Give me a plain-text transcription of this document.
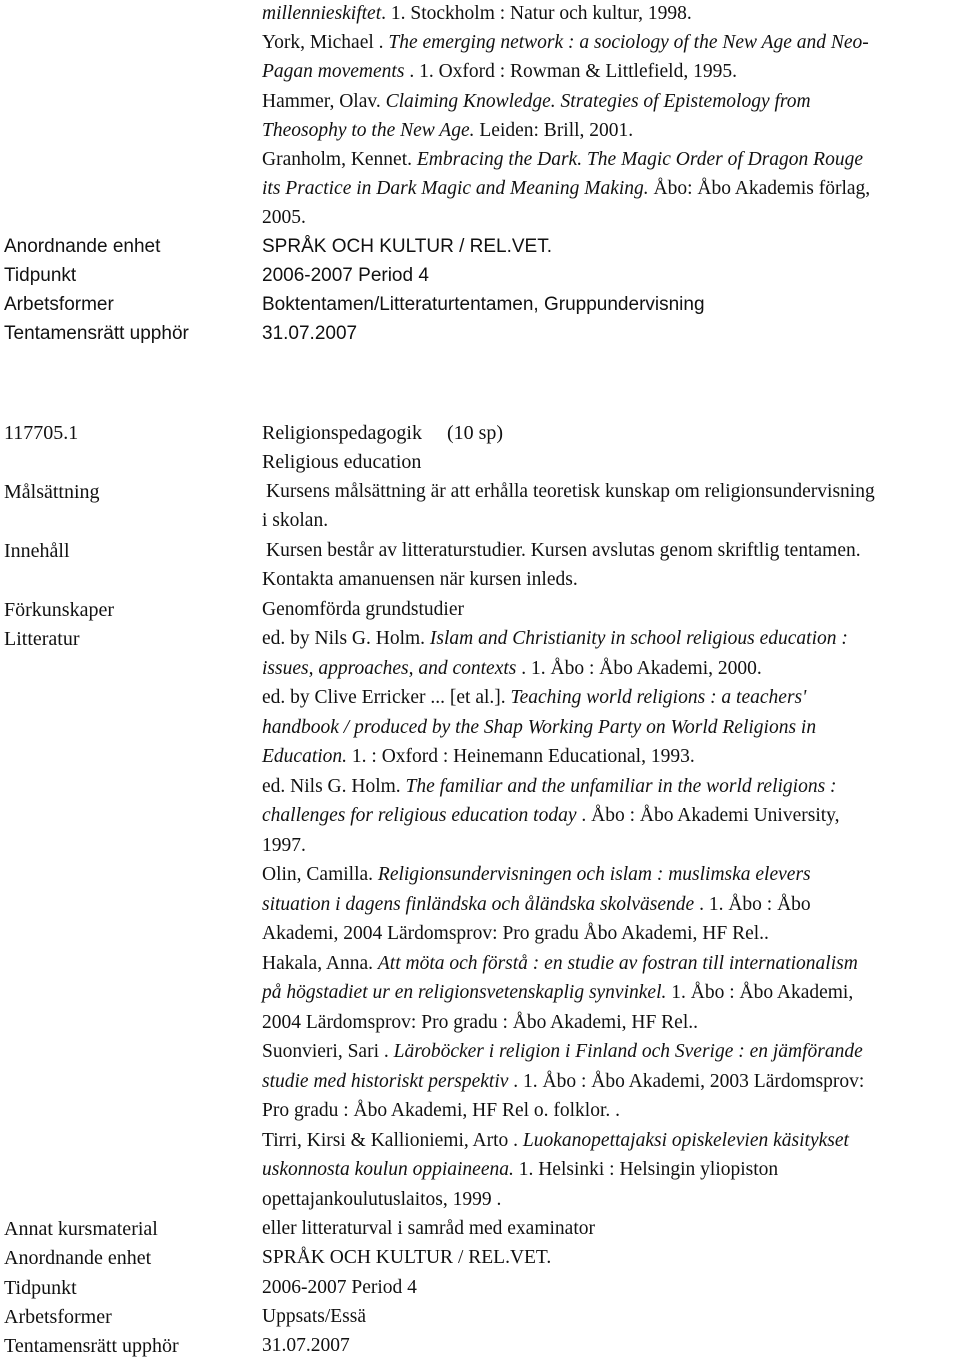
millennieskiftet. 1. Stockholm : Natur och kultur, 1998.
York, Michael . The emerging network : a sociology of the New Age and Neo-
Pagan movements . 1. Oxford : Rowman & Littlefield, 1995.
Hammer, Olav. Claiming Knowledge. Strategies of Epistemology from
Theosophy to the New Age. Leiden: Brill, 2001.
Granholm, Kennet. Embracing the Dark. The Magic Order of Dragon Rouge
its Practice in Dark Magic and Meaning Making. Åbo: Åbo Akademis förlag,
2005.
Anordnande enhet	SPRÅK OCH KULTUR / REL.VET.
Tidpunkt	2006-2007 Period 4
Arbetsformer	Boktentamen/Litteraturtentamen, Gruppundervisning
Tentamensrätt upphör	31.07.2007
117705.1	Religionspedagogik (10 sp)
Religious education
Målsättning	Kursens målsättning är att erhålla teoretisk kunskap om religionsundervisning
i skolan.
Innehåll	Kursen består av litteraturstudier. Kursen avslutas genom skriftlig tentamen.
Kontakta amanuensen när kursen inleds.
Förkunskaper	Genomförda grundstudier
Litteratur	ed. by Nils G. Holm. Islam and Christianity in school religious education :
issues, approaches, and contexts . 1. Åbo : Åbo Akademi, 2000.
ed. by Clive Erricker ... [et al.]. Teaching world religions : a teachers'
handbook / produced by the Shap Working Party on World Religions in
Education. 1. : Oxford : Heinemann Educational, 1993.
ed. Nils G. Holm. The familiar and the unfamiliar in the world religions :
challenges for religious education today . Åbo : Åbo Akademi University,
1997.
Olin, Camilla. Religionsundervisningen och islam : muslimska elevers
situation i dagens finländska och åländska skolväsende . 1. Åbo : Åbo
Akademi, 2004 Lärdomsprov: Pro gradu Åbo Akademi, HF Rel..
Hakala, Anna. Att möta och förstå : en studie av fostran till internationalism
på högstadiet ur en religionsvetenskaplig synvinkel. 1. Åbo : Åbo Akademi,
2004 Lärdomsprov: Pro gradu : Åbo Akademi, HF Rel..
Suonvieri, Sari . Läroböcker i religion i Finland och Sverige : en jämförande
studie med historiskt perspektiv . 1. Åbo : Åbo Akademi, 2003 Lärdomsprov:
Pro gradu : Åbo Akademi, HF Rel o. folklor. .
Tirri, Kirsi & Kallioniemi, Arto . Luokanopettajaksi opiskelevien käsitykset
uskonnosta koulun oppiaineena. 1. Helsinki : Helsingin yliopiston
opettajankoulutuslaitos, 1999 .
Annat kursmaterial	eller litteraturval i samråd med examinator
Anordnande enhet	SPRÅK OCH KULTUR / REL.VET.
Tidpunkt	2006-2007 Period 4
Arbetsformer	Uppsats/Essä
Tentamensrätt upphör	31.07.2007
